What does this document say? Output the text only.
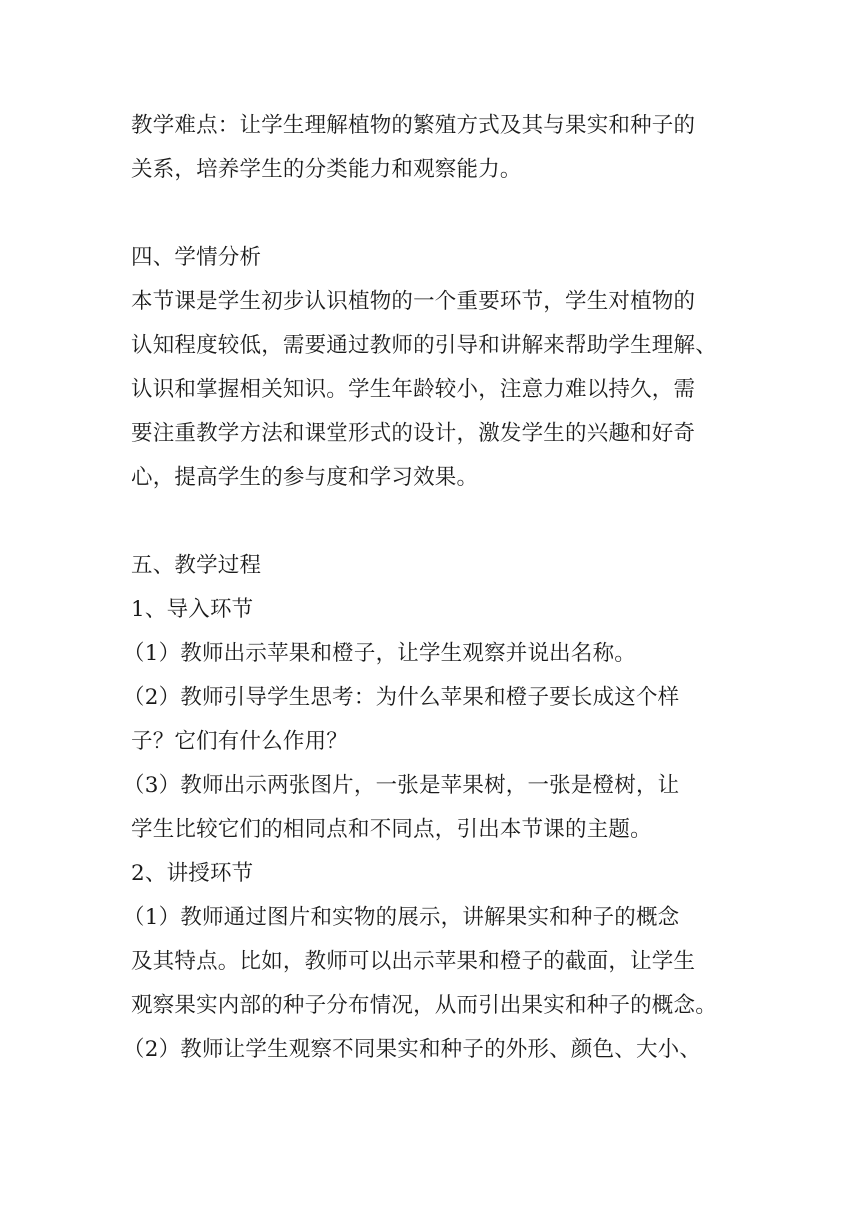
教学难点：让学生理解植物的繁殖方式及其与果实和种子的
关系，培养学生的分类能力和观察能力。
四、学情分析
本节课是学生初步认识植物的一个重要环节，学生对植物的
认知程度较低，需要通过教师的引导和讲解来帮助学生理解、
认识和掌握相关知识。学生年龄较小，注意力难以持久，需
要注重教学方法和课堂形式的设计，激发学生的兴趣和好奇
心，提高学生的参与度和学习效果。
五、教学过程
1、导入环节
（1）教师出示苹果和橙子，让学生观察并说出名称。
（2）教师引导学生思考：为什么苹果和橙子要长成这个样
子？它们有什么作用？
（3）教师出示两张图片，一张是苹果树，一张是橙树，让
学生比较它们的相同点和不同点，引出本节课的主题。
2、讲授环节
（1）教师通过图片和实物的展示，讲解果实和种子的概念
及其特点。比如，教师可以出示苹果和橙子的截面，让学生
观察果实内部的种子分布情况，从而引出果实和种子的概念。
（2）教师让学生观察不同果实和种子的外形、颜色、大小、
